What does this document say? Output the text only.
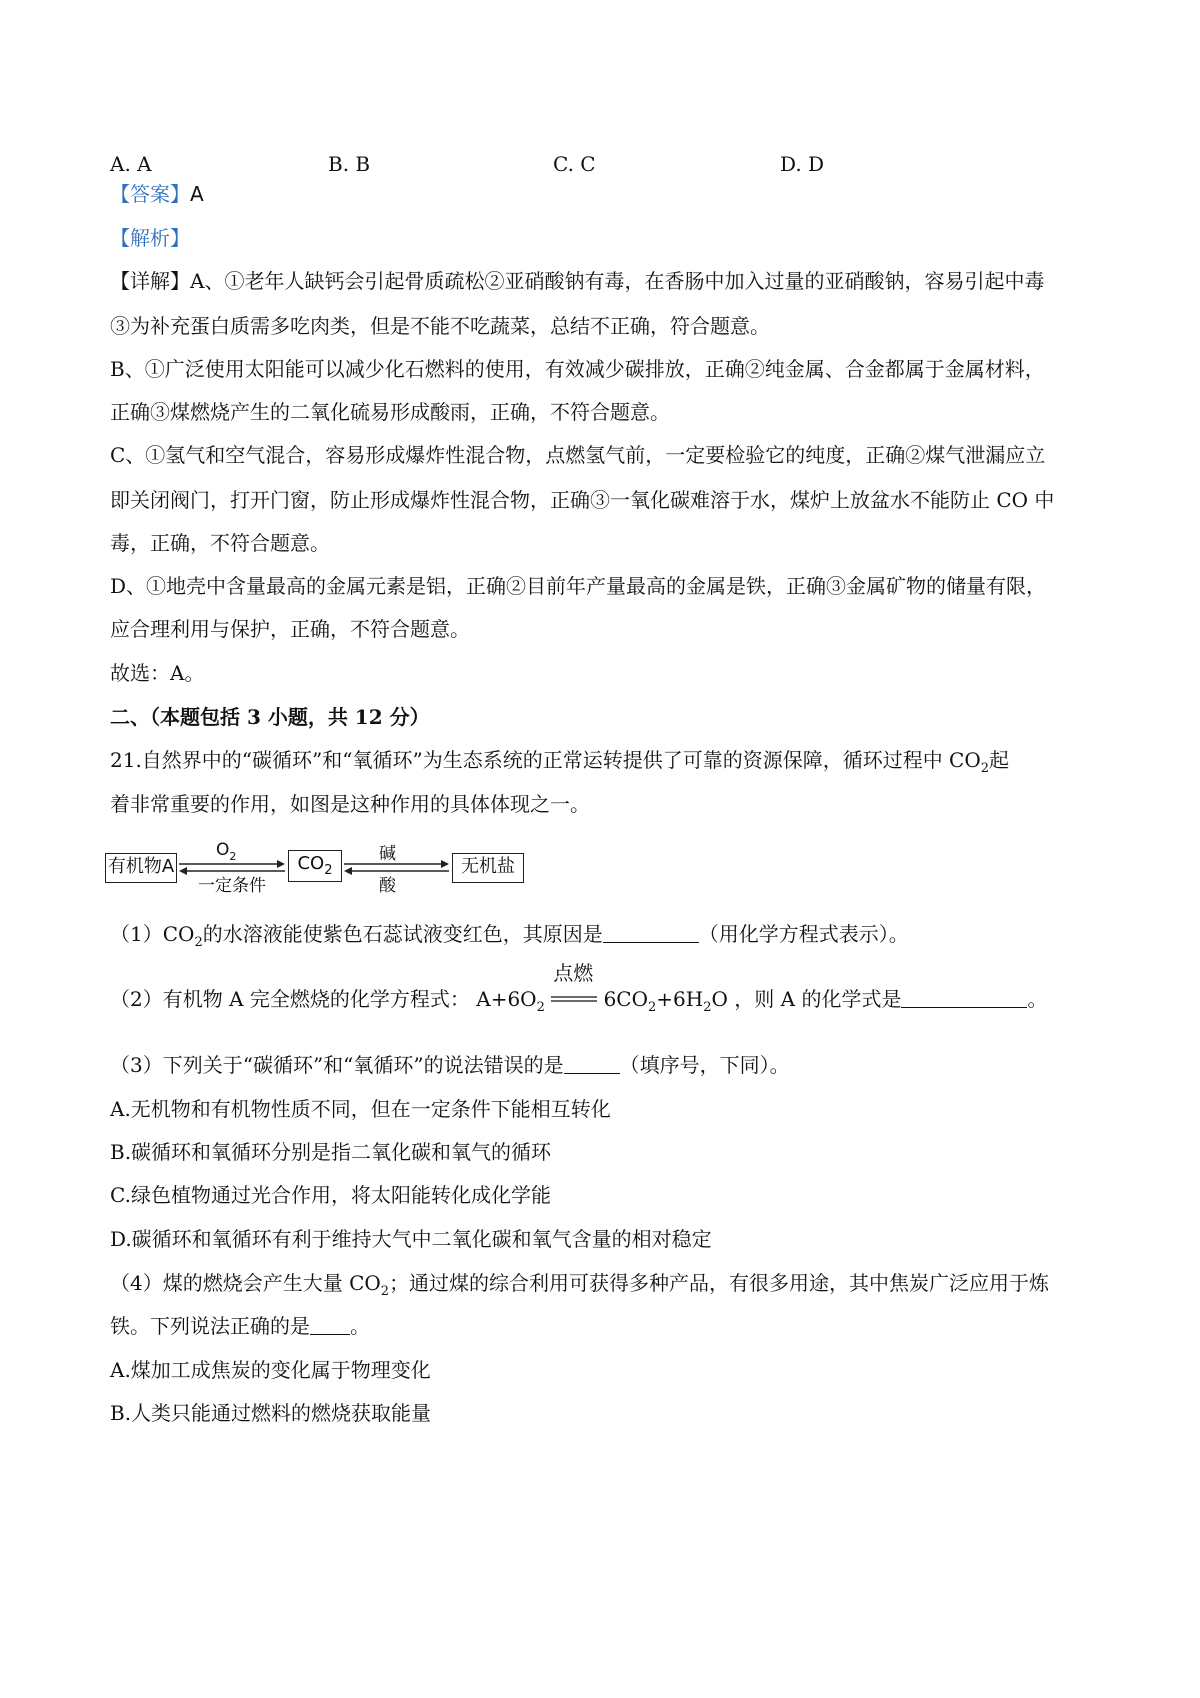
A. A	B. B	C. C	D. D
【答案】A
【解析】
【详解】A、①老年人缺钙会引起骨质疏松②亚硝酸钠有毒，在香肠中加入过量的亚硝酸钠，容易引起中毒
③为补充蛋白质需多吃肉类，但是不能不吃蔬菜，总结不正确，符合题意。
B、①广泛使用太阳能可以减少化石燃料的使用，有效减少碳排放，正确②纯金属、合金都属于金属材料，
正确③煤燃烧产生的二氧化硫易形成酸雨，正确，不符合题意。
C、①氢气和空气混合，容易形成爆炸性混合物，点燃氢气前，一定要检验它的纯度，正确②煤气泄漏应立
即关闭阀门，打开门窗，防止形成爆炸性混合物，正确③一氧化碳难溶于水，煤炉上放盆水不能防止 CO 中
毒，正确，不符合题意。
D、①地壳中含量最高的金属元素是铝，正确②目前年产量最高的金属是铁，正确③金属矿物的储量有限，
应合理利用与保护，正确，不符合题意。
故选：A。
二、（本题包括 3 小题，共 12 分）
21.自然界中的“碳循环”和“氧循环”为生态系统的正常运转提供了可靠的资源保障，循环过程中 $CO_2$起
着非常重要的作用，如图是这种作用的具体体现之一。
有机物A	$CO_2$	无机盐
$O_2$
一定条件
碱
酸
$(1)CO_2$的水溶液能使紫色石蕊试液变红色，其原因是	（用化学方程式表示）。
（2）有机物 A 完全燃烧的化学方程式： $A+6O_2$
点燃
$6CO_2+6H_2O$ ，则 A 的化学式是	。
（3）下列关于“碳循环”和“氧循环”的说法错误的是	（填序号，下同）。
A.无机物和有机物性质不同，但在一定条件下能相互转化
B.碳循环和氧循环分别是指二氧化碳和氧气的循环
C.绿色植物通过光合作用，将太阳能转化成化学能
D.碳循环和氧循环有利于维持大气中二氧化碳和氧气含量的相对稳定
（4）煤的燃烧会产生大量 $CO_2$；通过煤的综合利用可获得多种产品，有很多用途，其中焦炭广泛应用于炼
铁。下列说法正确的是 。
A.煤加工成焦炭的变化属于物理变化
B.人类只能通过燃料的燃烧获取能量
